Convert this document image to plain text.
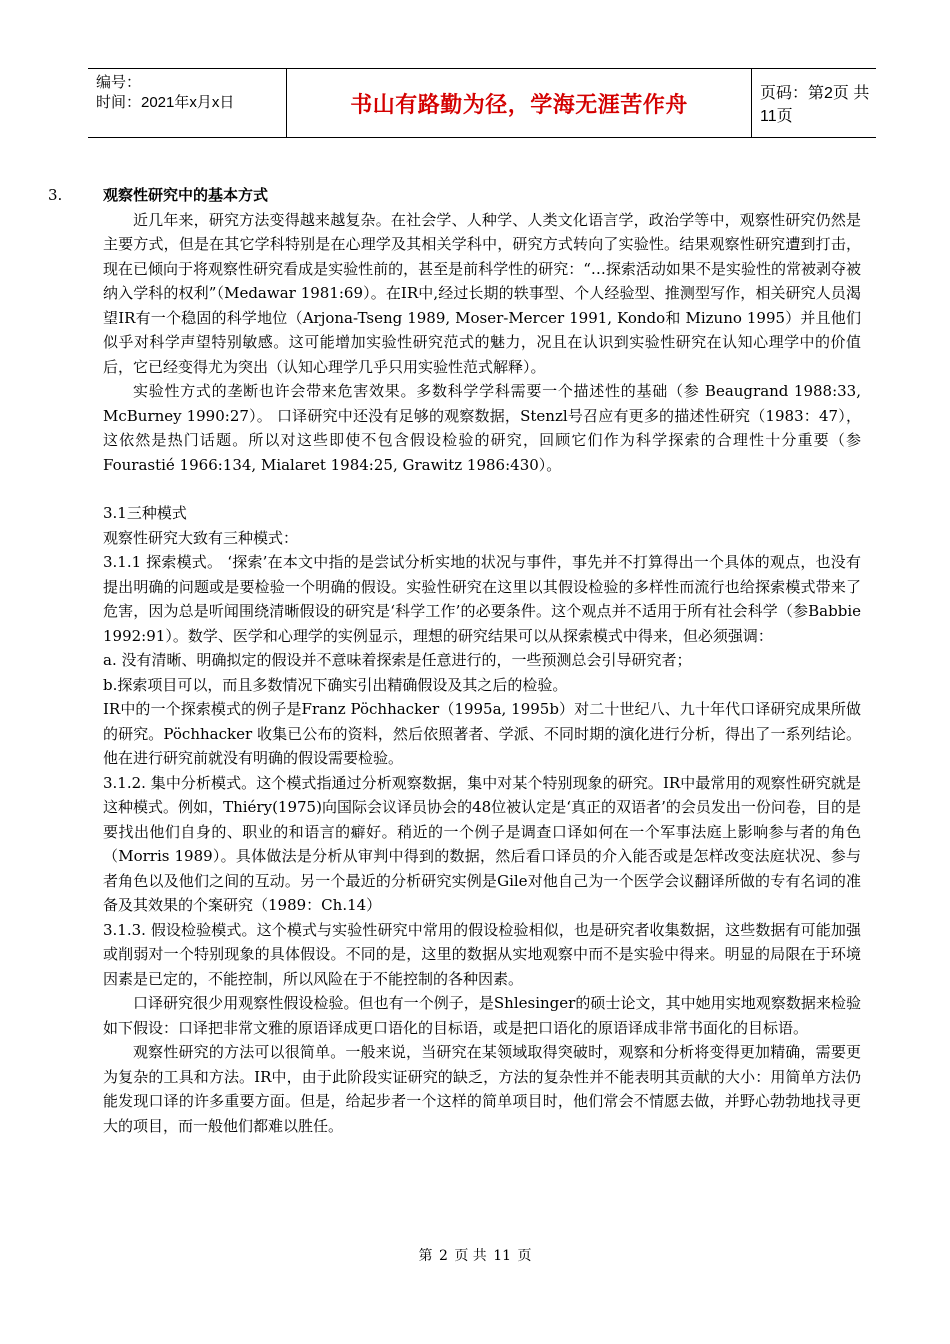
编号：
时间：2021年x月x日	书山有路勤为径，学海无涯苦作舟	页码：第2页 共11页
3.	观察性研究中的基本方式

近几年来，研究方法变得越来越复杂。在社会学、人种学、人类文化语言学，政治学等中，观察性研究仍然是主要方式，但是在其它学科特别是在心理学及其相关学科中，研究方式转向了实验性。结果观察性研究遭到打击，现在已倾向于将观察性研究看成是实验性前的，甚至是前科学性的研究：“…探索活动如果不是实验性的常被剥夺被纳入学科的权利”（Medawar 1981:69）。在IR中,经过长期的轶事型、个人经验型、推测型写作，相关研究人员渴望IR有一个稳固的科学地位（Arjona-Tseng 1989, Moser-Mercer 1991, Kondo和 Mizuno 1995）并且他们似乎对科学声望特别敏感。这可能增加实验性研究范式的魅力，况且在认识到实验性研究在认知心理学中的价值后，它已经变得尤为突出（认知心理学几乎只用实验性范式解释）。

实验性方式的垄断也许会带来危害效果。多数科学学科需要一个描述性的基础（参 Beaugrand 1988:33, McBurney 1990:27）。 口译研究中还没有足够的观察数据，Stenzl号召应有更多的描述性研究（1983：47），这依然是热门话题。所以对这些即使不包含假设检验的研究，回顾它们作为科学探索的合理性十分重要（参 Fourastié 1966:134, Mialaret 1984:25, Grawitz 1986:430）。

3.1三种模式

观察性研究大致有三种模式：

3.1.1 探索模式。 ‘探索’在本文中指的是尝试分析实地的状况与事件，事先并不打算得出一个具体的观点，也没有提出明确的问题或是要检验一个明确的假设。实验性研究在这里以其假设检验的多样性而流行也给探索模式带来了危害，因为总是听闻围绕清晰假设的研究是‘科学工作’的必要条件。这个观点并不适用于所有社会科学（参Babbie 1992:91）。数学、医学和心理学的实例显示，理想的研究结果可以从探索模式中得来，但必须强调：

a. 没有清晰、明确拟定的假设并不意味着探索是任意进行的，一些预测总会引导研究者；

b.探索项目可以，而且多数情况下确实引出精确假设及其之后的检验。

IR中的一个探索模式的例子是Franz Pöchhacker（1995a, 1995b）对二十世纪八、九十年代口译研究成果所做的研究。Pöchhacker 收集已公布的资料，然后依照著者、学派、不同时期的演化进行分析，得出了一系列结论。他在进行研究前就没有明确的假设需要检验。

3.1.2. 集中分析模式。这个模式指通过分析观察数据，集中对某个特别现象的研究。IR中最常用的观察性研究就是这种模式。例如，Thiéry(1975)向国际会议译员协会的48位被认定是‘真正的双语者’的会员发出一份问卷，目的是要找出他们自身的、职业的和语言的癖好。稍近的一个例子是调查口译如何在一个军事法庭上影响参与者的角色（Morris 1989）。具体做法是分析从审判中得到的数据，然后看口译员的介入能否或是怎样改变法庭状况、参与者角色以及他们之间的互动。另一个最近的分析研究实例是Gile对他自己为一个医学会议翻译所做的专有名词的准备及其效果的个案研究（1989：Ch.14）

3.1.3. 假设检验模式。这个模式与实验性研究中常用的假设检验相似，也是研究者收集数据，这些数据有可能加强或削弱对一个特别现象的具体假设。不同的是，这里的数据从实地观察中而不是实验中得来。明显的局限在于环境因素是已定的，不能控制，所以风险在于不能控制的各种因素。

口译研究很少用观察性假设检验。但也有一个例子，是Shlesinger的硕士论文，其中她用实地观察数据来检验如下假设：口译把非常文雅的原语译成更口语化的目标语，或是把口语化的原语译成非常书面化的目标语。

观察性研究的方法可以很简单。一般来说，当研究在某领域取得突破时，观察和分析将变得更加精确，需要更为复杂的工具和方法。IR中，由于此阶段实证研究的缺乏，方法的复杂性并不能表明其贡献的大小：用简单方法仍能发现口译的许多重要方面。但是，给起步者一个这样的简单项目时，他们常会不情愿去做，并野心勃勃地找寻更大的项目，而一般他们都难以胜任。

第 2 页 共 11 页
